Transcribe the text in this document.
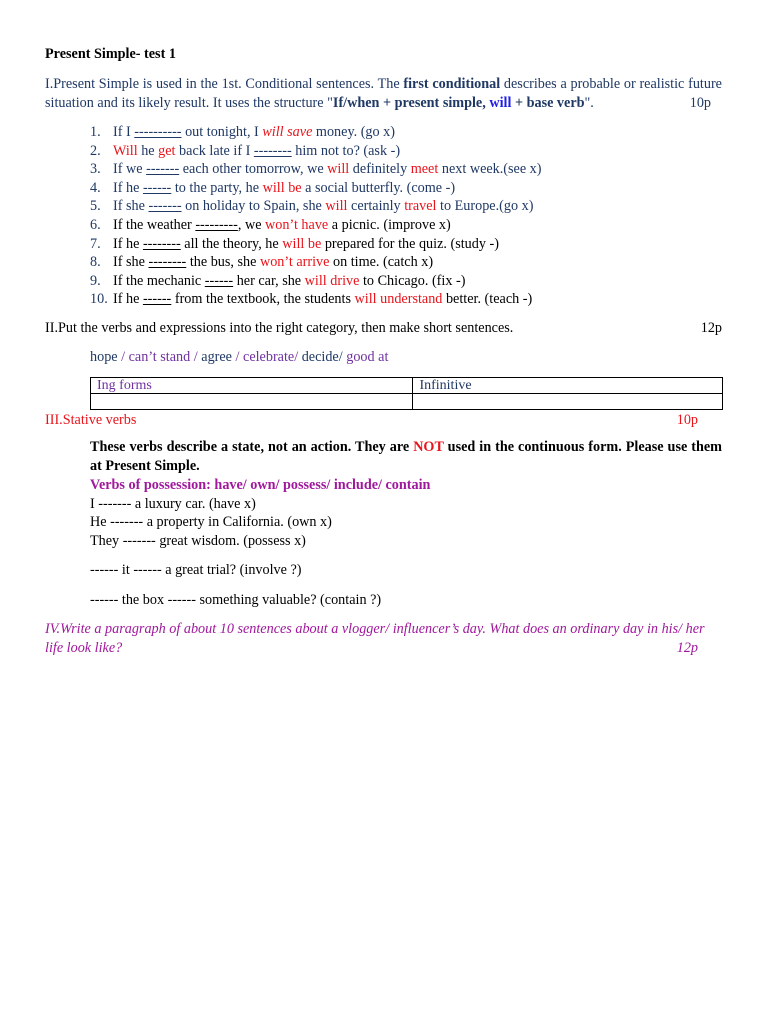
Present Simple- test 1

I.Present Simple is used in the 1st. Conditional sentences. The first conditional describes a probable or realistic future situation and its likely result. It uses the structure "If/when + present simple, will + base verb".	10p

1. If I ---------- out tonight, I will save money. (go x)
2. Will he get back late if I -------- him not to? (ask -)
3. If we ------- each other tomorrow, we will definitely meet next week.(see x)
4. If he ------ to the party, he will be a social butterfly. (come -)
5. If she ------- on holiday to Spain, she will certainly travel to Europe.(go x)
6. If the weather ---------, we won’t have a picnic. (improve x)
7. If he -------- all the theory, he will be prepared for the quiz. (study -)
8. If she -------- the bus, she won’t arrive on time. (catch x)
9. If the mechanic ------ her car, she will drive to Chicago. (fix -)
10. If he ------ from the textbook, the students will understand better. (teach -)
II.Put the verbs and expressions into the right category, then make short sentences.	12p
hope / can’t stand / agree / celebrate/ decide/ good at
Ing forms	Infinitive

III.Stative verbs	10p
These verbs describe a state, not an action. They are NOT used in the continuous form. Please use them at Present Simple.
Verbs of possession: have/ own/ possess/ include/ contain
I ------- a luxury car. (have x)
He ------- a property in California. (own x)
They ------- great wisdom. (possess x)
------ it ------ a great trial? (involve ?)
------ the box ------ something valuable? (contain ?)
IV.Write a paragraph of about 10 sentences about a vlogger/ influencer’s day. What does an ordinary day in his/ her life look like?	12p
